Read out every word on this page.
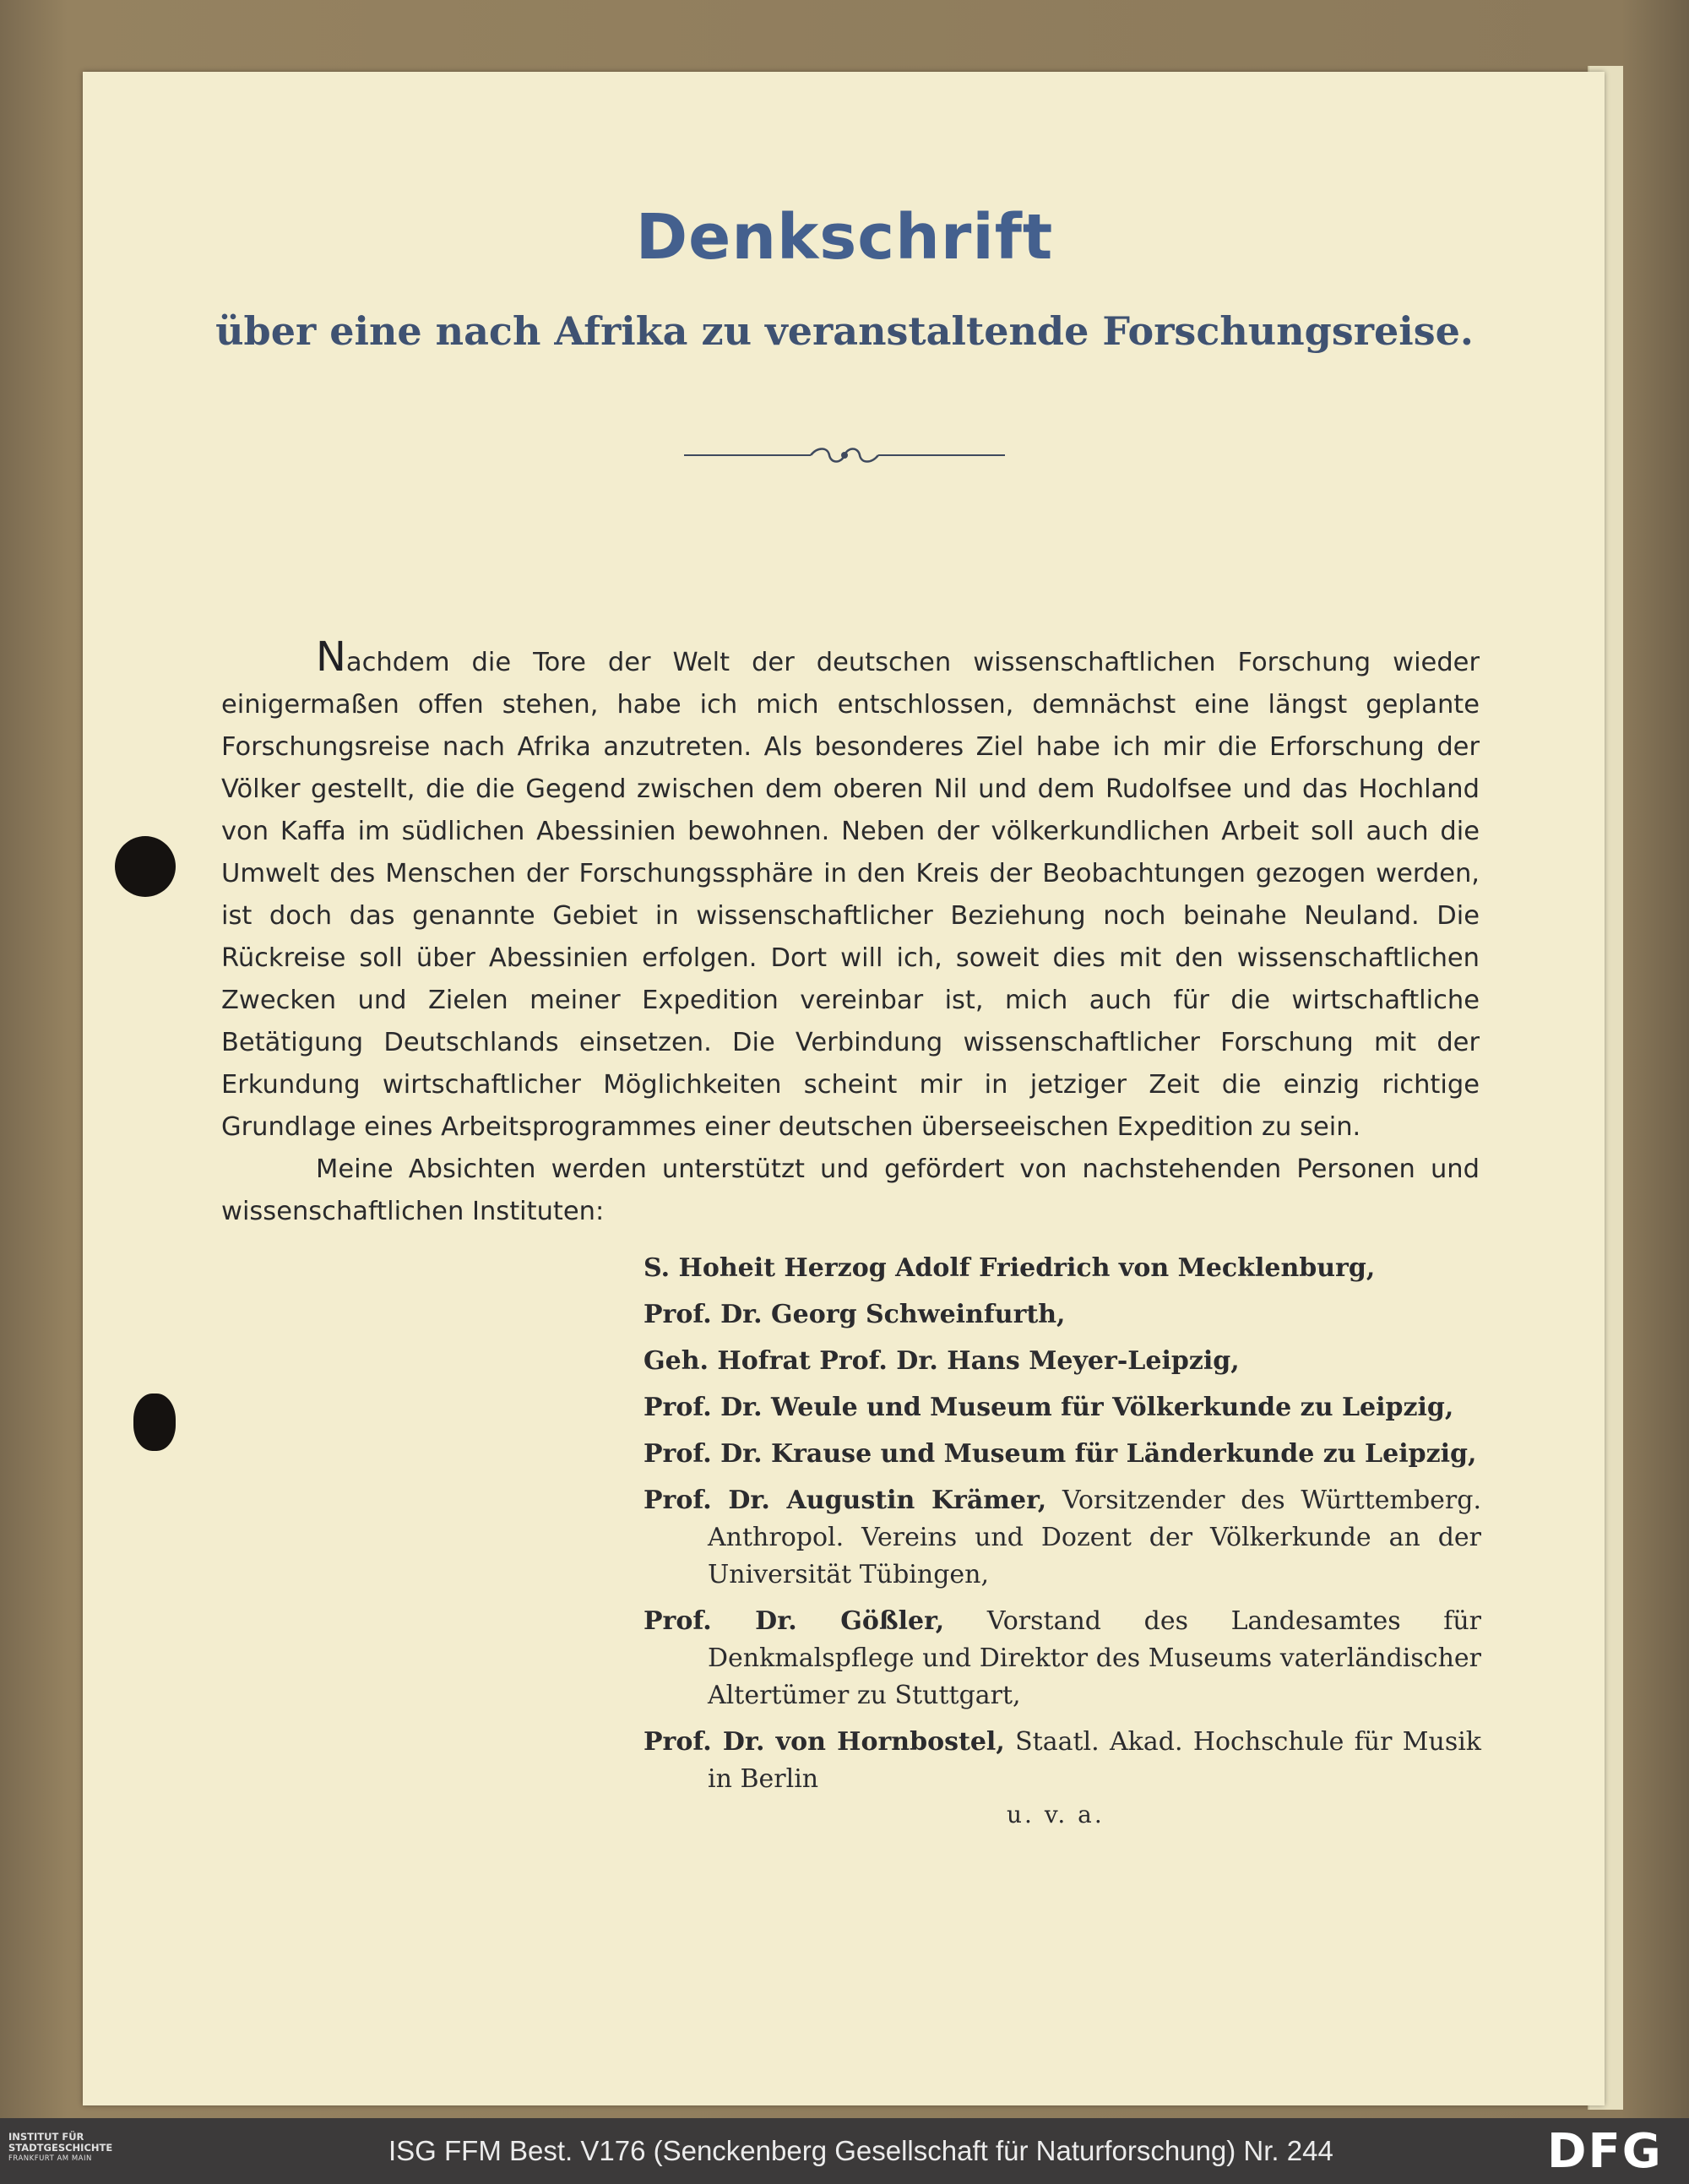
Denkschrift
über eine nach Afrika zu veranstaltende Forschungsreise.

Nachdem die Tore der Welt der deutschen wissenschaftlichen Forschung wieder einigermaßen offen stehen, habe ich mich entschlossen, demnächst eine längst geplante Forschungsreise nach Afrika anzutreten. Als besonderes Ziel habe ich mir die Erforschung der Völker gestellt, die die Gegend zwischen dem oberen Nil und dem Rudolfsee und das Hochland von Kaffa im südlichen Abessinien bewohnen. Neben der völkerkundlichen Arbeit soll auch die Umwelt des Menschen der Forschungssphäre in den Kreis der Beobachtungen gezogen werden, ist doch das genannte Gebiet in wissenschaftlicher Beziehung noch beinahe Neuland. Die Rückreise soll über Abessinien erfolgen. Dort will ich, soweit dies mit den wissenschaftlichen Zwecken und Zielen meiner Expedition vereinbar ist, mich auch für die wirtschaftliche Betätigung Deutschlands einsetzen. Die Verbindung wissenschaftlicher Forschung mit der Erkundung wirtschaftlicher Möglichkeiten scheint mir in jetziger Zeit die einzig richtige Grundlage eines Arbeitsprogrammes einer deutschen überseeischen Expedition zu sein.

Meine Absichten werden unterstützt und gefördert von nachstehenden Personen und wissenschaftlichen Instituten:

S. Hoheit Herzog Adolf Friedrich von Mecklenburg,
Prof. Dr. Georg Schweinfurth,
Geh. Hofrat Prof. Dr. Hans Meyer-Leipzig,
Prof. Dr. Weule und Museum für Völkerkunde zu Leipzig,
Prof. Dr. Krause und Museum für Länderkunde zu Leipzig,
Prof. Dr. Augustin Krämer, Vorsitzender des Württemberg. Anthropol. Vereins und Dozent der Völkerkunde an der Universität Tübingen,
Prof. Dr. Gößler, Vorstand des Landesamtes für Denkmalspflege und Direktor des Museums vaterländischer Altertümer zu Stuttgart,
Prof. Dr. von Hornbostel, Staatl. Akad. Hochschule für Musik in Berlin
u. v. a.
INSTITUT FÜR
STADTGESCHICHTE
FRANKFURT AM MAIN	ISG FFM Best. V176 (Senckenberg Gesellschaft für Naturforschung) Nr. 244	DFG
